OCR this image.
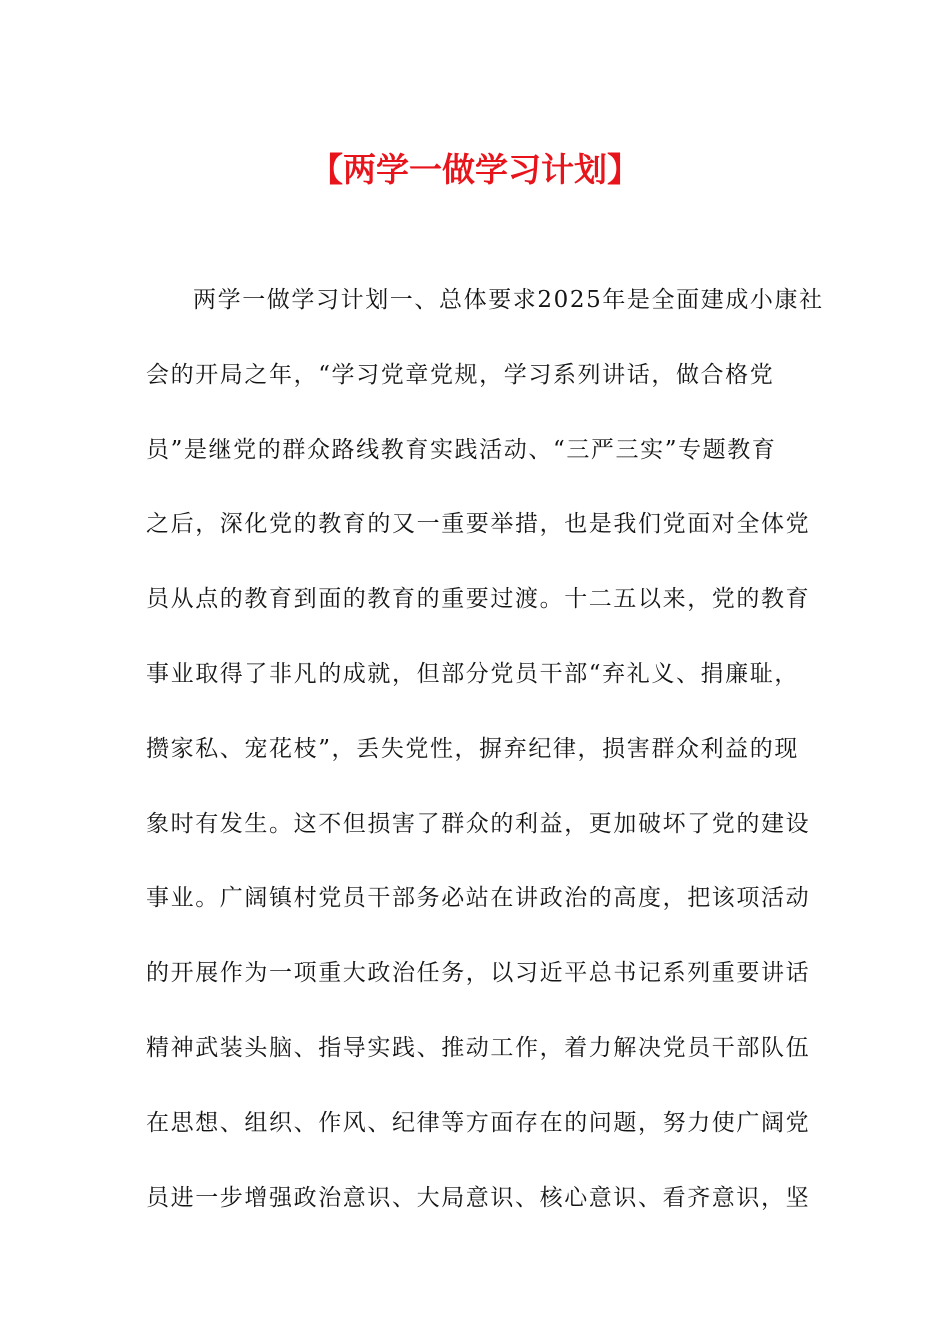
【两学一做学习计划】
两学一做学习计划一、总体要求2025年是全面建成小康社
会的开局之年，“学习党章党规，学习系列讲话，做合格党
员”是继党的群众路线教育实践活动、“三严三实”专题教育
之后，深化党的教育的又一重要举措，也是我们党面对全体党
员从点的教育到面的教育的重要过渡。十二五以来，党的教育
事业取得了非凡的成就，但部分党员干部“弃礼义、捐廉耻，
攒家私、宠花枝”，丢失党性，摒弃纪律，损害群众利益的现
象时有发生。这不但损害了群众的利益，更加破坏了党的建设
事业。广阔镇村党员干部务必站在讲政治的高度，把该项活动
的开展作为一项重大政治任务，以习近平总书记系列重要讲话
精神武装头脑、指导实践、推动工作，着力解决党员干部队伍
在思想、组织、作风、纪律等方面存在的问题，努力使广阔党
员进一步增强政治意识、大局意识、核心意识、看齐意识，坚
